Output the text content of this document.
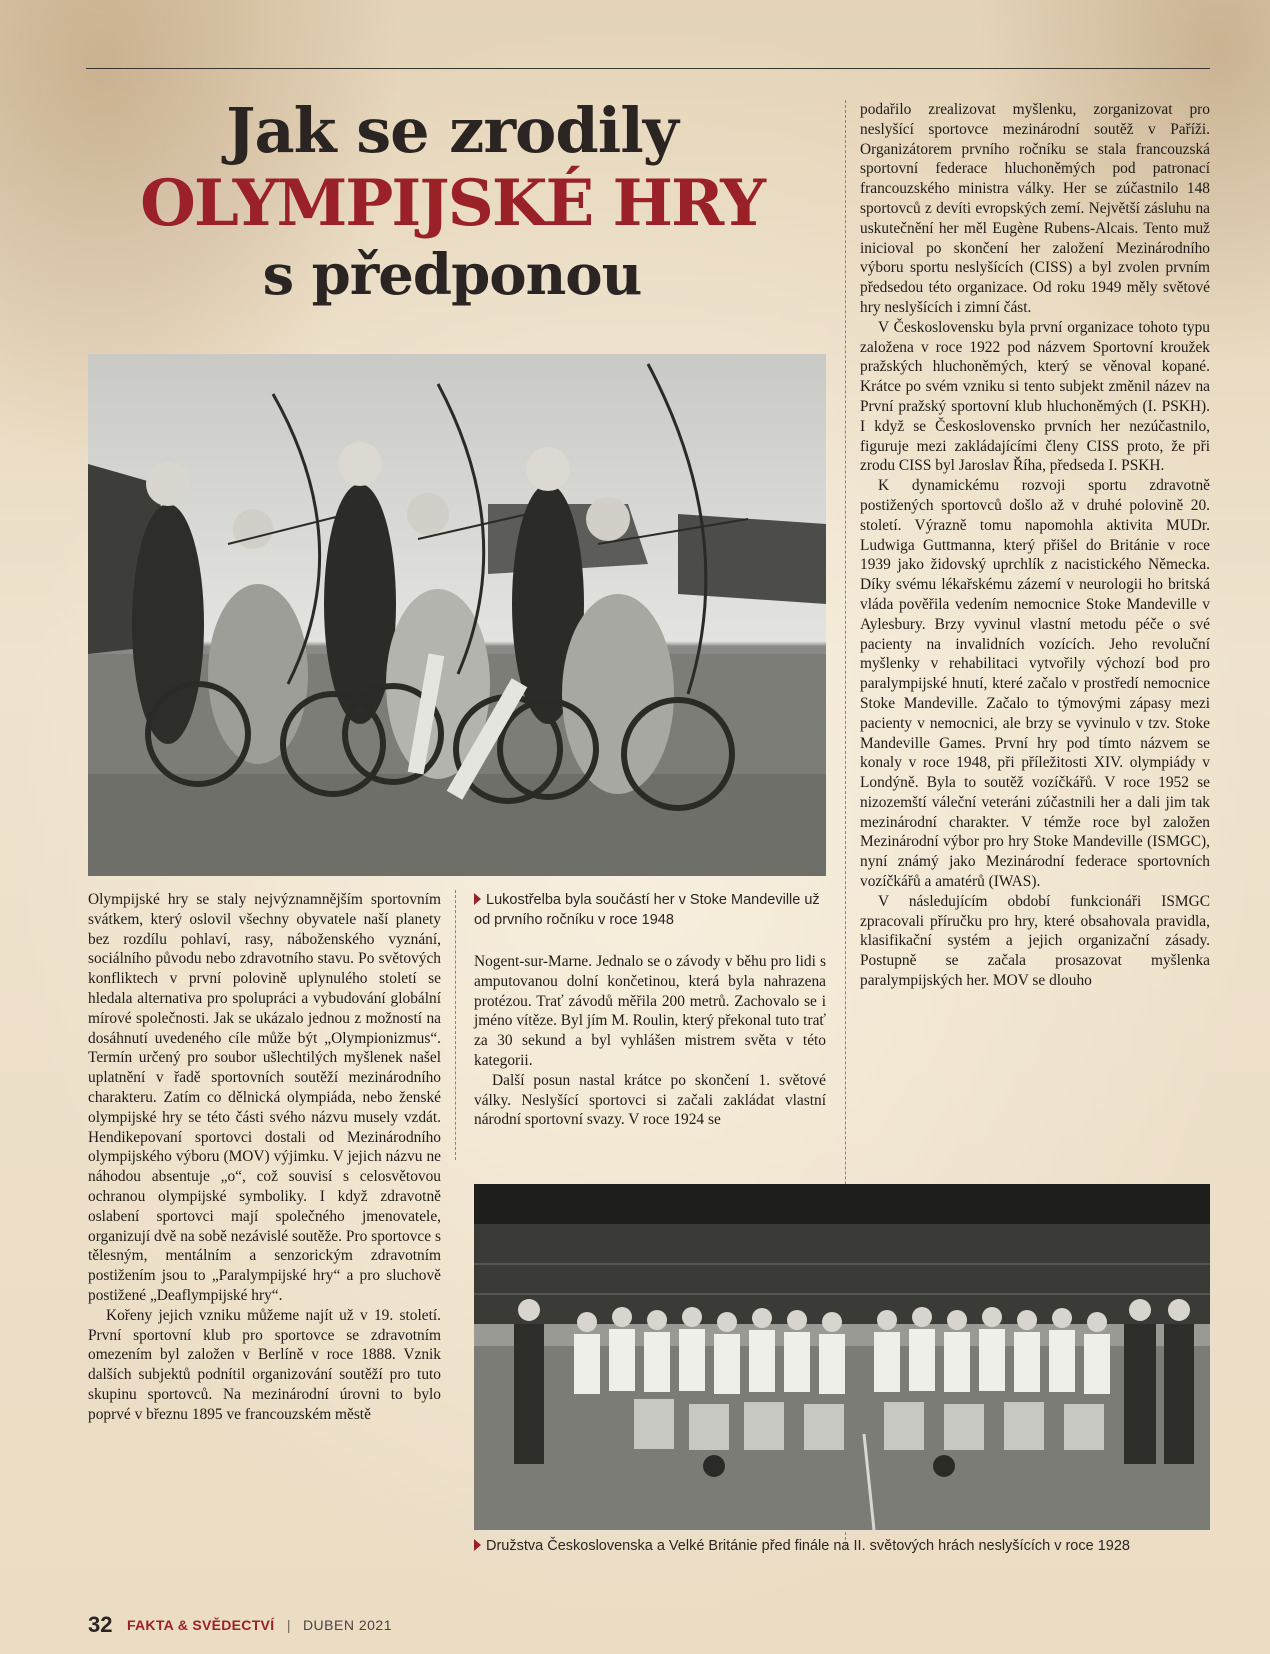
Jak se zrodily
OLYMPIJSKÉ HRY
s předponou
Lukostřelba byla součástí her v Stoke Mandeville už od prvního ročníku v roce 1948

Olympijské hry se staly nejvýznamnějším sportovním svátkem, který oslovil všechny obyvatele naší planety bez rozdílu pohlaví, rasy, náboženského vyznání, sociálního původu nebo zdravotního stavu. Po světových konfliktech v první polovině uplynulého století se hledala alternativa pro spolupráci a vybudování globální mírové společnosti. Jak se ukázalo jednou z možností na dosáhnutí uvedeného cíle může být „Olympionizmus“. Termín určený pro soubor ušlechtilých myšlenek našel uplatnění v řadě sportovních soutěží mezinárodního charakteru. Zatím co dělnická olympiáda, nebo ženské olympijské hry se této části svého názvu musely vzdát. Hendikepovaní sportovci dostali od Mezinárodního olympijského výboru (MOV) výjimku. V jejich názvu ne náhodou absentuje „o“, což souvisí s celosvětovou ochranou olympijské symboliky. I když zdravotně oslabení sportovci mají společného jmenovatele, organizují dvě na sobě nezávislé soutěže. Pro sportovce s tělesným, mentálním a senzorickým zdravotním postižením jsou to „Paralympijské hry“ a pro sluchově postižené „Deaflympijské hry“.

Kořeny jejich vzniku můžeme najít už v 19. století. První sportovní klub pro sportovce se zdravotním omezením byl založen v Berlíně v roce 1888. Vznik dalších subjektů podnítil organizování soutěží pro tuto skupinu sportovců. Na mezinárodní úrovni to bylo poprvé v březnu 1895 ve francouzském městě

Nogent-sur-Marne. Jednalo se o závody v běhu pro lidi s amputovanou dolní končetinou, která byla nahrazena protézou. Trať závodů měřila 200 metrů. Zachovalo se i jméno vítěze. Byl jím M. Roulin, který překonal tuto trať za 30 sekund a byl vyhlášen mistrem světa v této kategorii.

Další posun nastal krátce po skončení 1. světové války. Neslyšící sportovci si začali zakládat vlastní národní sportovní svazy. V roce 1924 se

podařilo zrealizovat myšlenku, zorganizovat pro neslyšící sportovce mezinárodní soutěž v Paříži. Organizátorem prvního ročníku se stala francouzská sportovní federace hluchoněmých pod patronací francouzského ministra války. Her se zúčastnilo 148 sportovců z devíti evropských zemí. Největší zásluhu na uskutečnění her měl Eugène Rubens-Alcais. Tento muž inicioval po skončení her založení Mezinárodního výboru sportu neslyšících (CISS) a byl zvolen prvním předsedou této organizace. Od roku 1949 měly světové hry neslyšících i zimní část.

V Československu byla první organizace tohoto typu založena v roce 1922 pod názvem Sportovní kroužek pražských hluchoněmých, který se věnoval kopané. Krátce po svém vzniku si tento subjekt změnil název na První pražský sportovní klub hluchoněmých (I. PSKH). I když se Československo prvních her nezúčastnilo, figuruje mezi zakládajícími členy CISS proto, že při zrodu CISS byl Jaroslav Říha, předseda I. PSKH.

K dynamickému rozvoji sportu zdravotně postižených sportovců došlo až v druhé polovině 20. století. Výrazně tomu napomohla aktivita MUDr. Ludwiga Guttmanna, který přišel do Británie v roce 1939 jako židovský uprchlík z nacistického Německa. Díky svému lékařskému zázemí v neurologii ho britská vláda pověřila vedením nemocnice Stoke Mandeville v Aylesbury. Brzy vyvinul vlastní metodu péče o své pacienty na invalidních vozících. Jeho revoluční myšlenky v rehabilitaci vytvořily výchozí bod pro paralympijské hnutí, které začalo v prostředí nemocnice Stoke Mandeville. Začalo to týmovými zápasy mezi pacienty v nemocnici, ale brzy se vyvinulo v tzv. Stoke Mandeville Games. První hry pod tímto názvem se konaly v roce 1948, při příležitosti XIV. olympiády v Londýně. Byla to soutěž vozíčkářů. V roce 1952 se nizozemští váleční veteráni zúčastnili her a dali jim tak mezinárodní charakter. V témže roce byl založen Mezinárodní výbor pro hry Stoke Mandeville (ISMGC), nyní známý jako Mezinárodní federace sportovních vozíčkářů a amatérů (IWAS).

V následujícím období funkcionáři ISMGC zpracovali příručku pro hry, které obsahovala pravidla, klasifikační systém a jejich organizační zásady. Postupně se začala prosazovat myšlenka paralympijských her. MOV se dlouho

Družstva Československa a Velké Británie před finále na II. světových hrách neslyšících v roce 1928
32 FAKTA & SVĚDECTVÍ | DUBEN 2021
